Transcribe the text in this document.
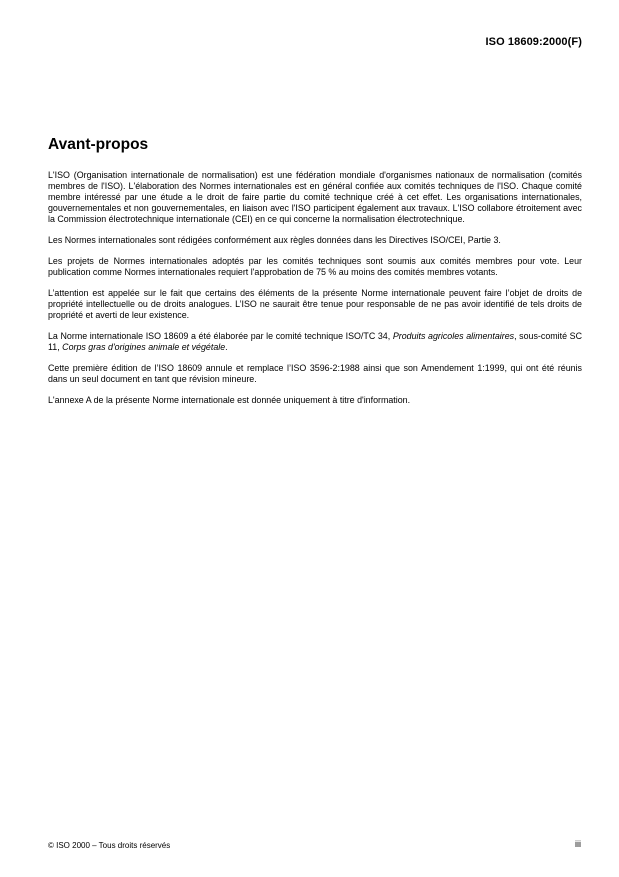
ISO 18609:2000(F)
Avant-propos

L'ISO (Organisation internationale de normalisation) est une fédération mondiale d'organismes nationaux de normalisation (comités membres de l'ISO). L'élaboration des Normes internationales est en général confiée aux comités techniques de l'ISO. Chaque comité membre intéressé par une étude a le droit de faire partie du comité technique créé à cet effet. Les organisations internationales, gouvernementales et non gouvernementales, en liaison avec l'ISO participent également aux travaux. L'ISO collabore étroitement avec la Commission électrotechnique internationale (CEI) en ce qui concerne la normalisation électrotechnique.

Les Normes internationales sont rédigées conformément aux règles données dans les Directives ISO/CEI, Partie 3.

Les projets de Normes internationales adoptés par les comités techniques sont soumis aux comités membres pour vote. Leur publication comme Normes internationales requiert l'approbation de 75 % au moins des comités membres votants.

L’attention est appelée sur le fait que certains des éléments de la présente Norme internationale peuvent faire l’objet de droits de propriété intellectuelle ou de droits analogues. L’ISO ne saurait être tenue pour responsable de ne pas avoir identifié de tels droits de propriété et averti de leur existence.

La Norme internationale ISO 18609 a été élaborée par le comité technique ISO/TC 34, Produits agricoles alimentaires, sous-comité SC 11, Corps gras d'origines animale et végétale.

Cette première édition de l’ISO 18609 annule et remplace l’ISO 3596-2:1988 ainsi que son Amendement 1:1999, qui ont été réunis dans un seul document en tant que révision mineure.

L'annexe A de la présente Norme internationale est donnée uniquement à titre d'information.

© ISO 2000 – Tous droits réservés	iii
